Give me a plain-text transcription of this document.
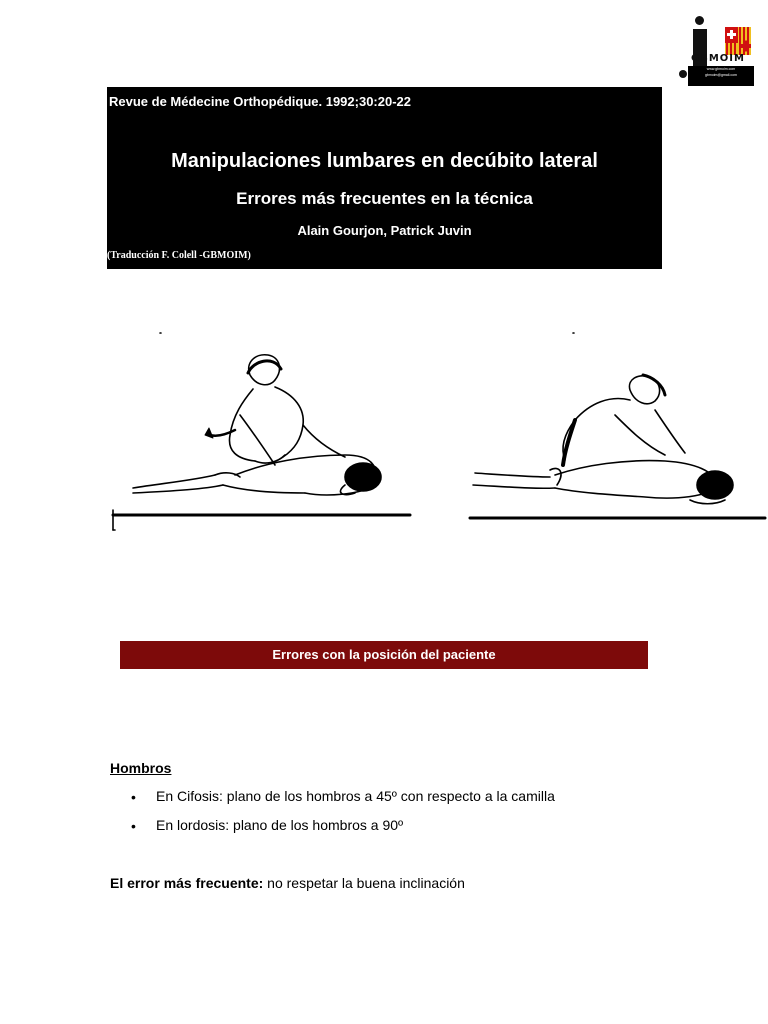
GBMOIM
www.gbmoim.com
gbmoim@gmail.com
Revue de Médecine Orthopédique. 1992;30:20-22
Manipulaciones lumbares en decúbito lateral
Errores más frecuentes en la técnica
Alain Gourjon, Patrick Juvin
(Traducción F. Colell -GBMOIM)
Errores con la posición del paciente
Hombros
• En Cifosis: plano de los hombros a 45º con respecto a la camilla
• En lordosis: plano de los hombros a 90º
El error más frecuente: no respetar la buena inclinación
